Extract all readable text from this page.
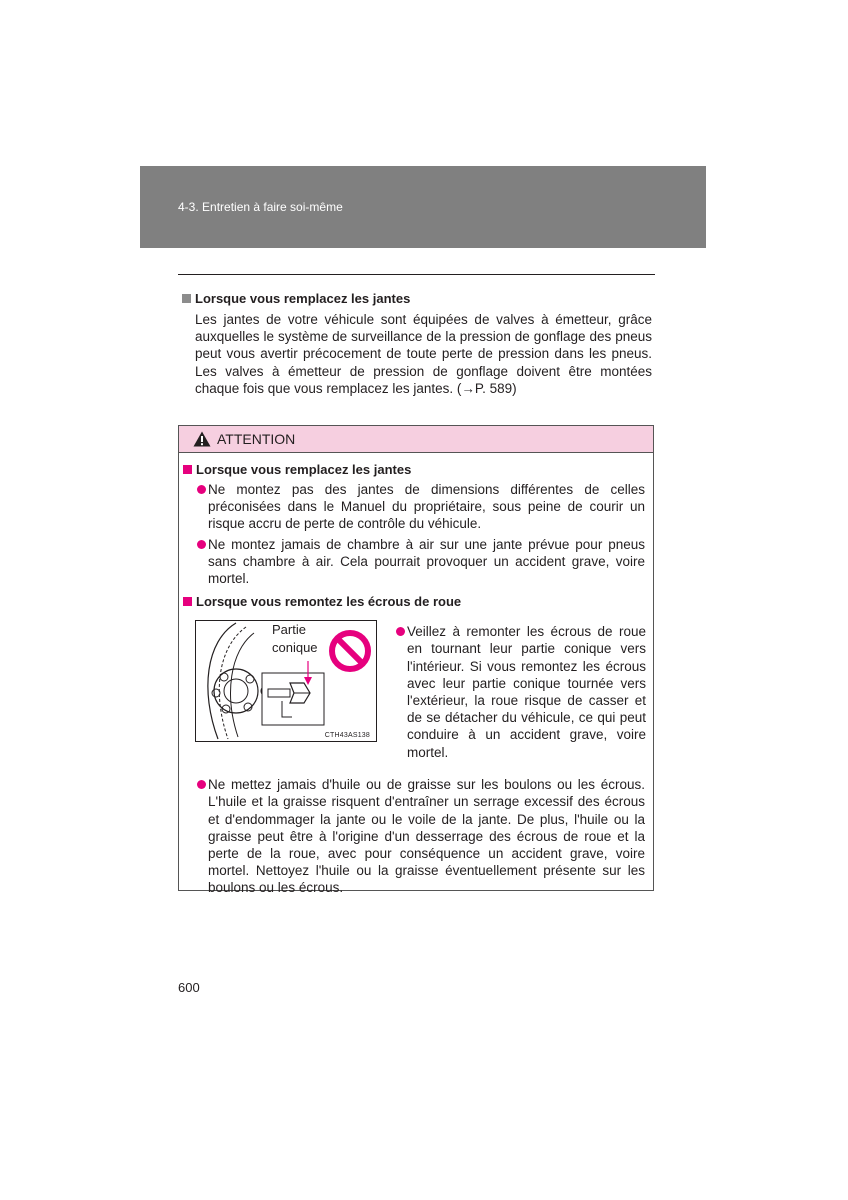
4-3. Entretien à faire soi-même
Lorsque vous remplacez les jantes
Les jantes de votre véhicule sont équipées de valves à émetteur, grâce auxquelles le système de surveillance de la pression de gonflage des pneus peut vous avertir précocement de toute perte de pression dans les pneus. Les valves à émetteur de pression de gonflage doivent être montées chaque fois que vous remplacez les jantes. (→P. 589)
ATTENTION
Lorsque vous remplacez les jantes
Ne montez pas des jantes de dimensions différentes de celles préconisées dans le Manuel du propriétaire, sous peine de courir un risque accru de perte de contrôle du véhicule.
Ne montez jamais de chambre à air sur une jante prévue pour pneus sans chambre à air. Cela pourrait provoquer un accident grave, voire mortel.
Lorsque vous remontez les écrous de roue
Partie
conique
CTH43AS138
Veillez à remonter les écrous de roue en tournant leur partie conique vers l'intérieur. Si vous remontez les écrous avec leur partie conique tournée vers l'extérieur, la roue risque de casser et de se détacher du véhicule, ce qui peut conduire à un accident grave, voire mortel.
Ne mettez jamais d'huile ou de graisse sur les boulons ou les écrous. L'huile et la graisse risquent d'entraîner un serrage excessif des écrous et d'endommager la jante ou le voile de la jante. De plus, l'huile ou la graisse peut être à l'origine d'un desserrage des écrous de roue et la perte de la roue, avec pour conséquence un accident grave, voire mortel. Nettoyez l'huile ou la graisse éventuellement présente sur les boulons ou les écrous.
600
